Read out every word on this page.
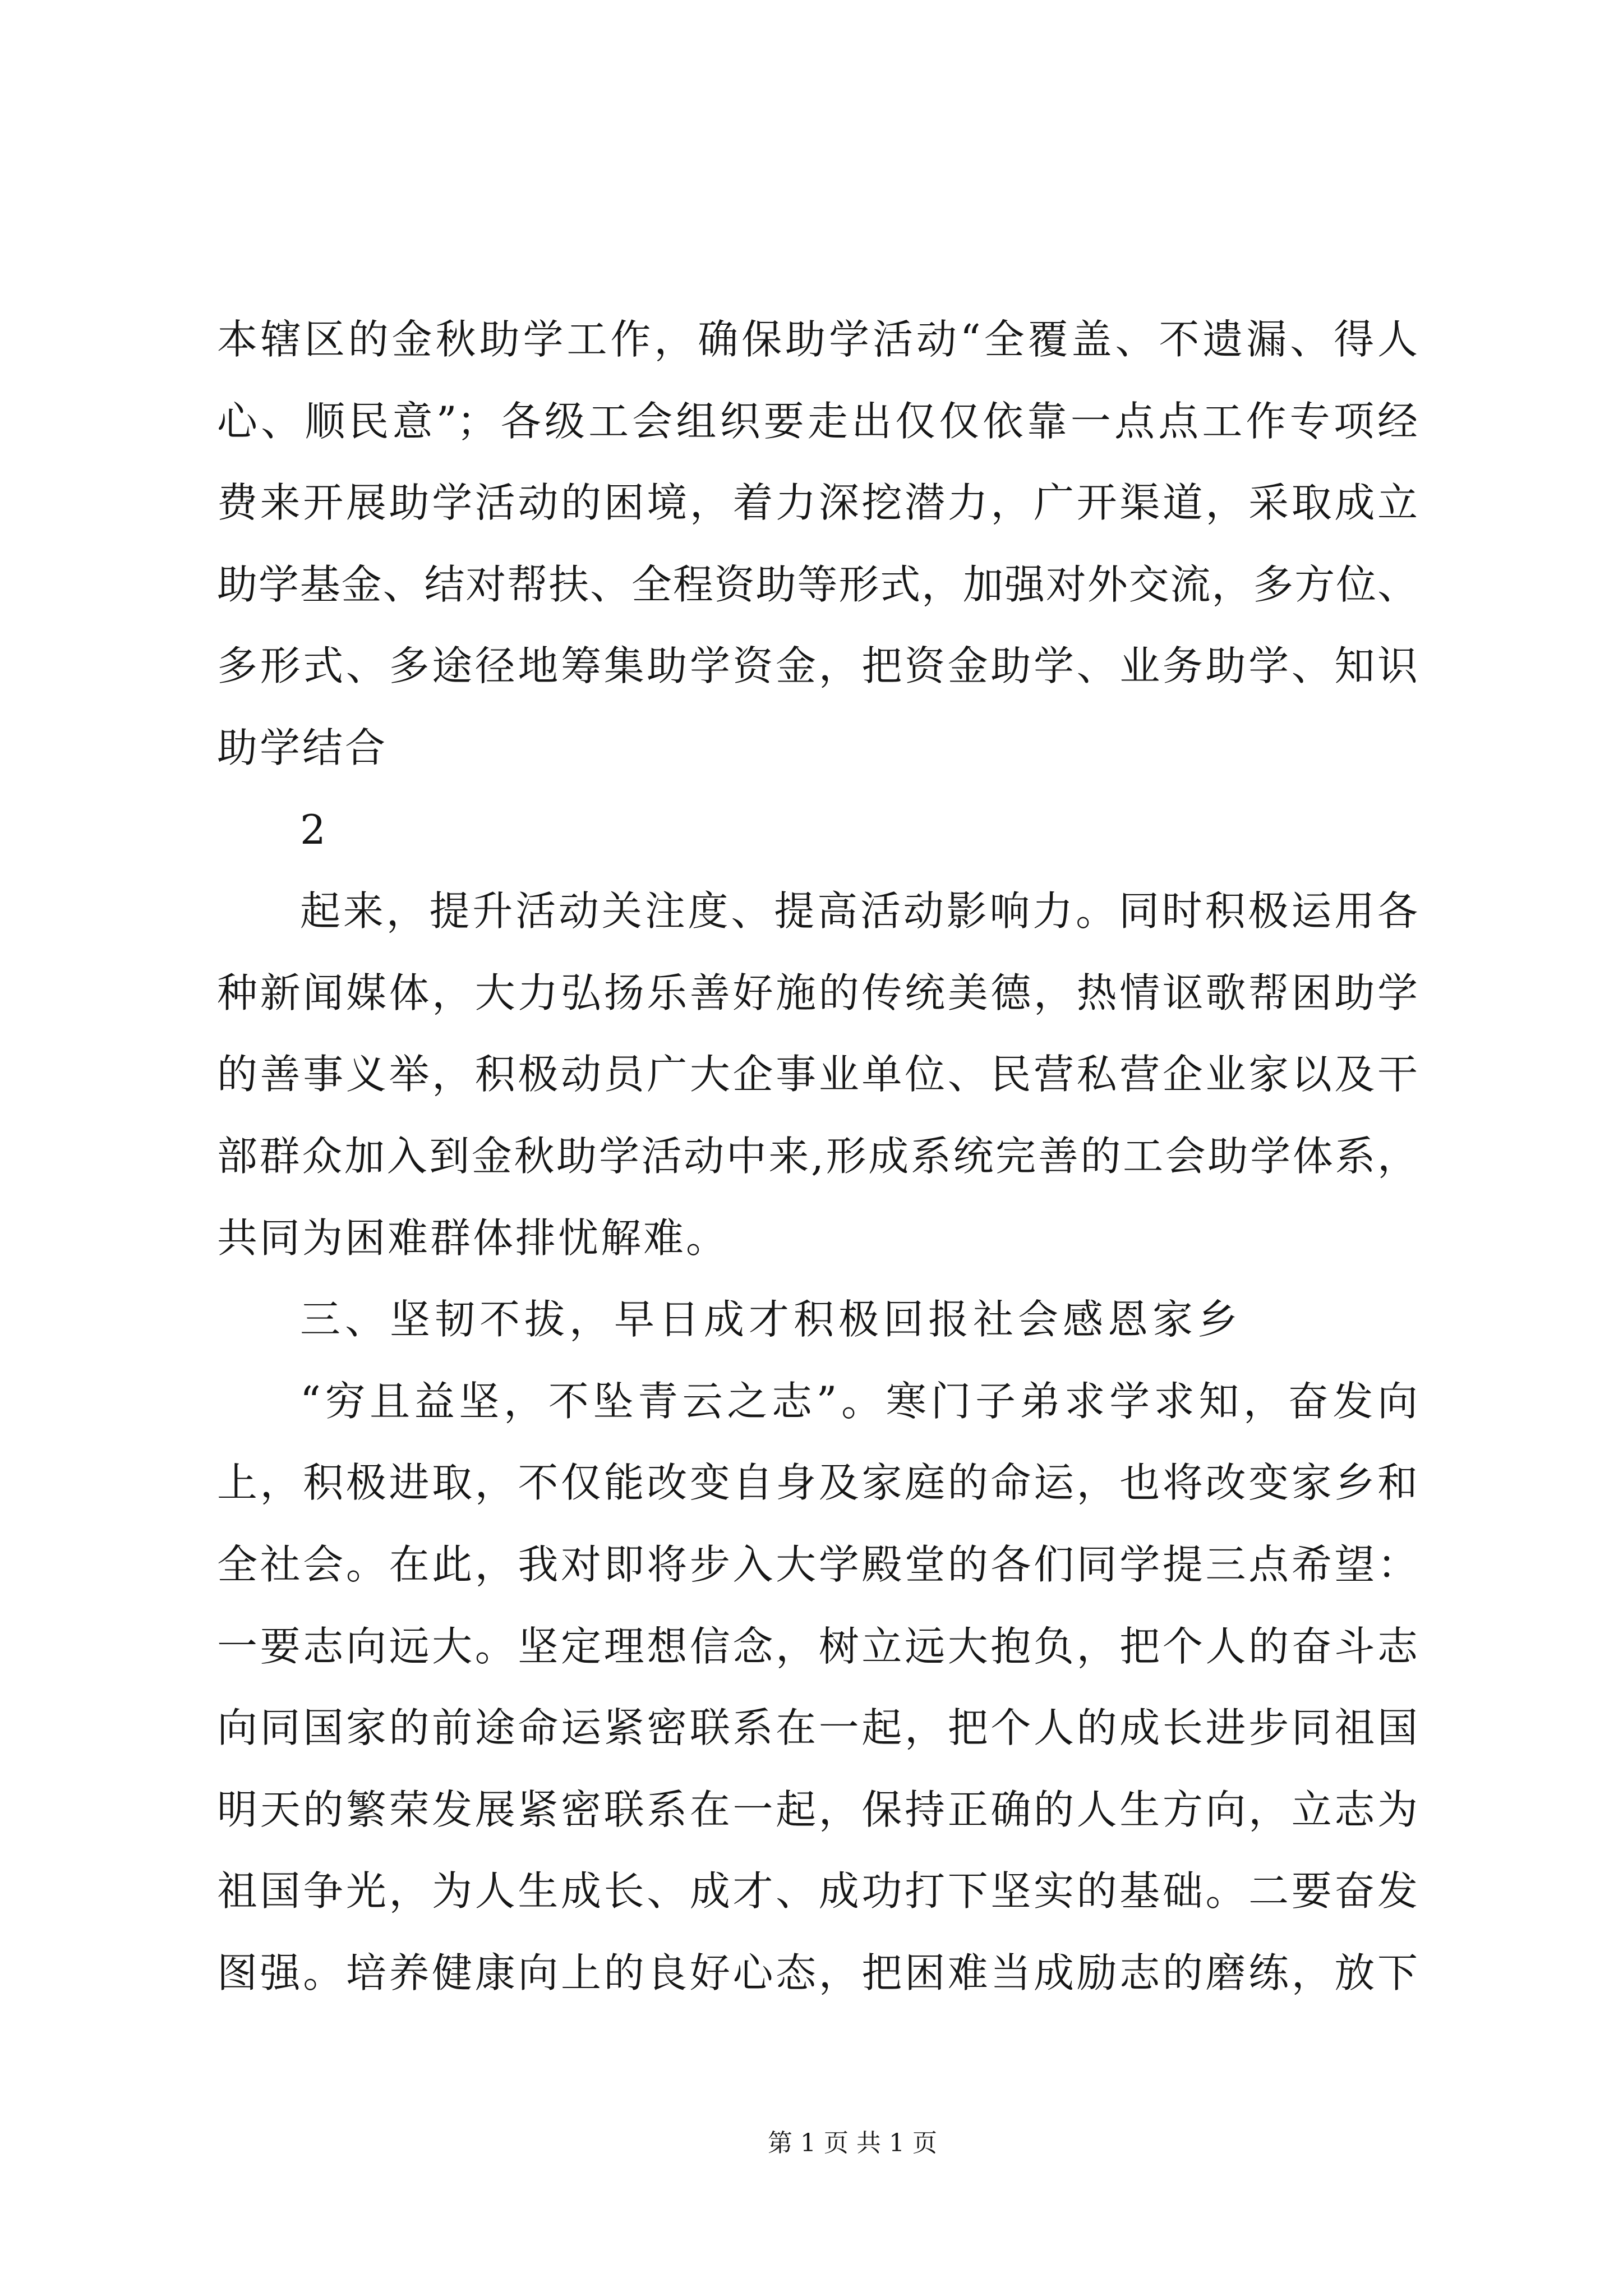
本辖区的金秋助学工作，确保助学活动“全覆盖、不遗漏、得人
心、顺民意”；各级工会组织要走出仅仅依靠一点点工作专项经
费来开展助学活动的困境，着力深挖潜力，广开渠道，采取成立
助学基金、结对帮扶、全程资助等形式，加强对外交流，多方位、
多形式、多途径地筹集助学资金，把资金助学、业务助学、知识
助学结合
2
起来，提升活动关注度、提高活动影响力。同时积极运用各
种新闻媒体，大力弘扬乐善好施的传统美德，热情讴歌帮困助学
的善事义举，积极动员广大企事业单位、民营私营企业家以及干
部群众加入到金秋助学活动中来,形成系统完善的工会助学体系，
共同为困难群体排忧解难。
三、坚韧不拔，早日成才积极回报社会感恩家乡
“穷且益坚，不坠青云之志”。寒门子弟求学求知，奋发向
上，积极进取，不仅能改变自身及家庭的命运，也将改变家乡和
全社会。在此，我对即将步入大学殿堂的各们同学提三点希望：
一要志向远大。坚定理想信念，树立远大抱负，把个人的奋斗志
向同国家的前途命运紧密联系在一起，把个人的成长进步同祖国
明天的繁荣发展紧密联系在一起，保持正确的人生方向，立志为
祖国争光，为人生成长、成才、成功打下坚实的基础。二要奋发
图强。培养健康向上的良好心态，把困难当成励志的磨练，放下
第 1 页 共 1 页
